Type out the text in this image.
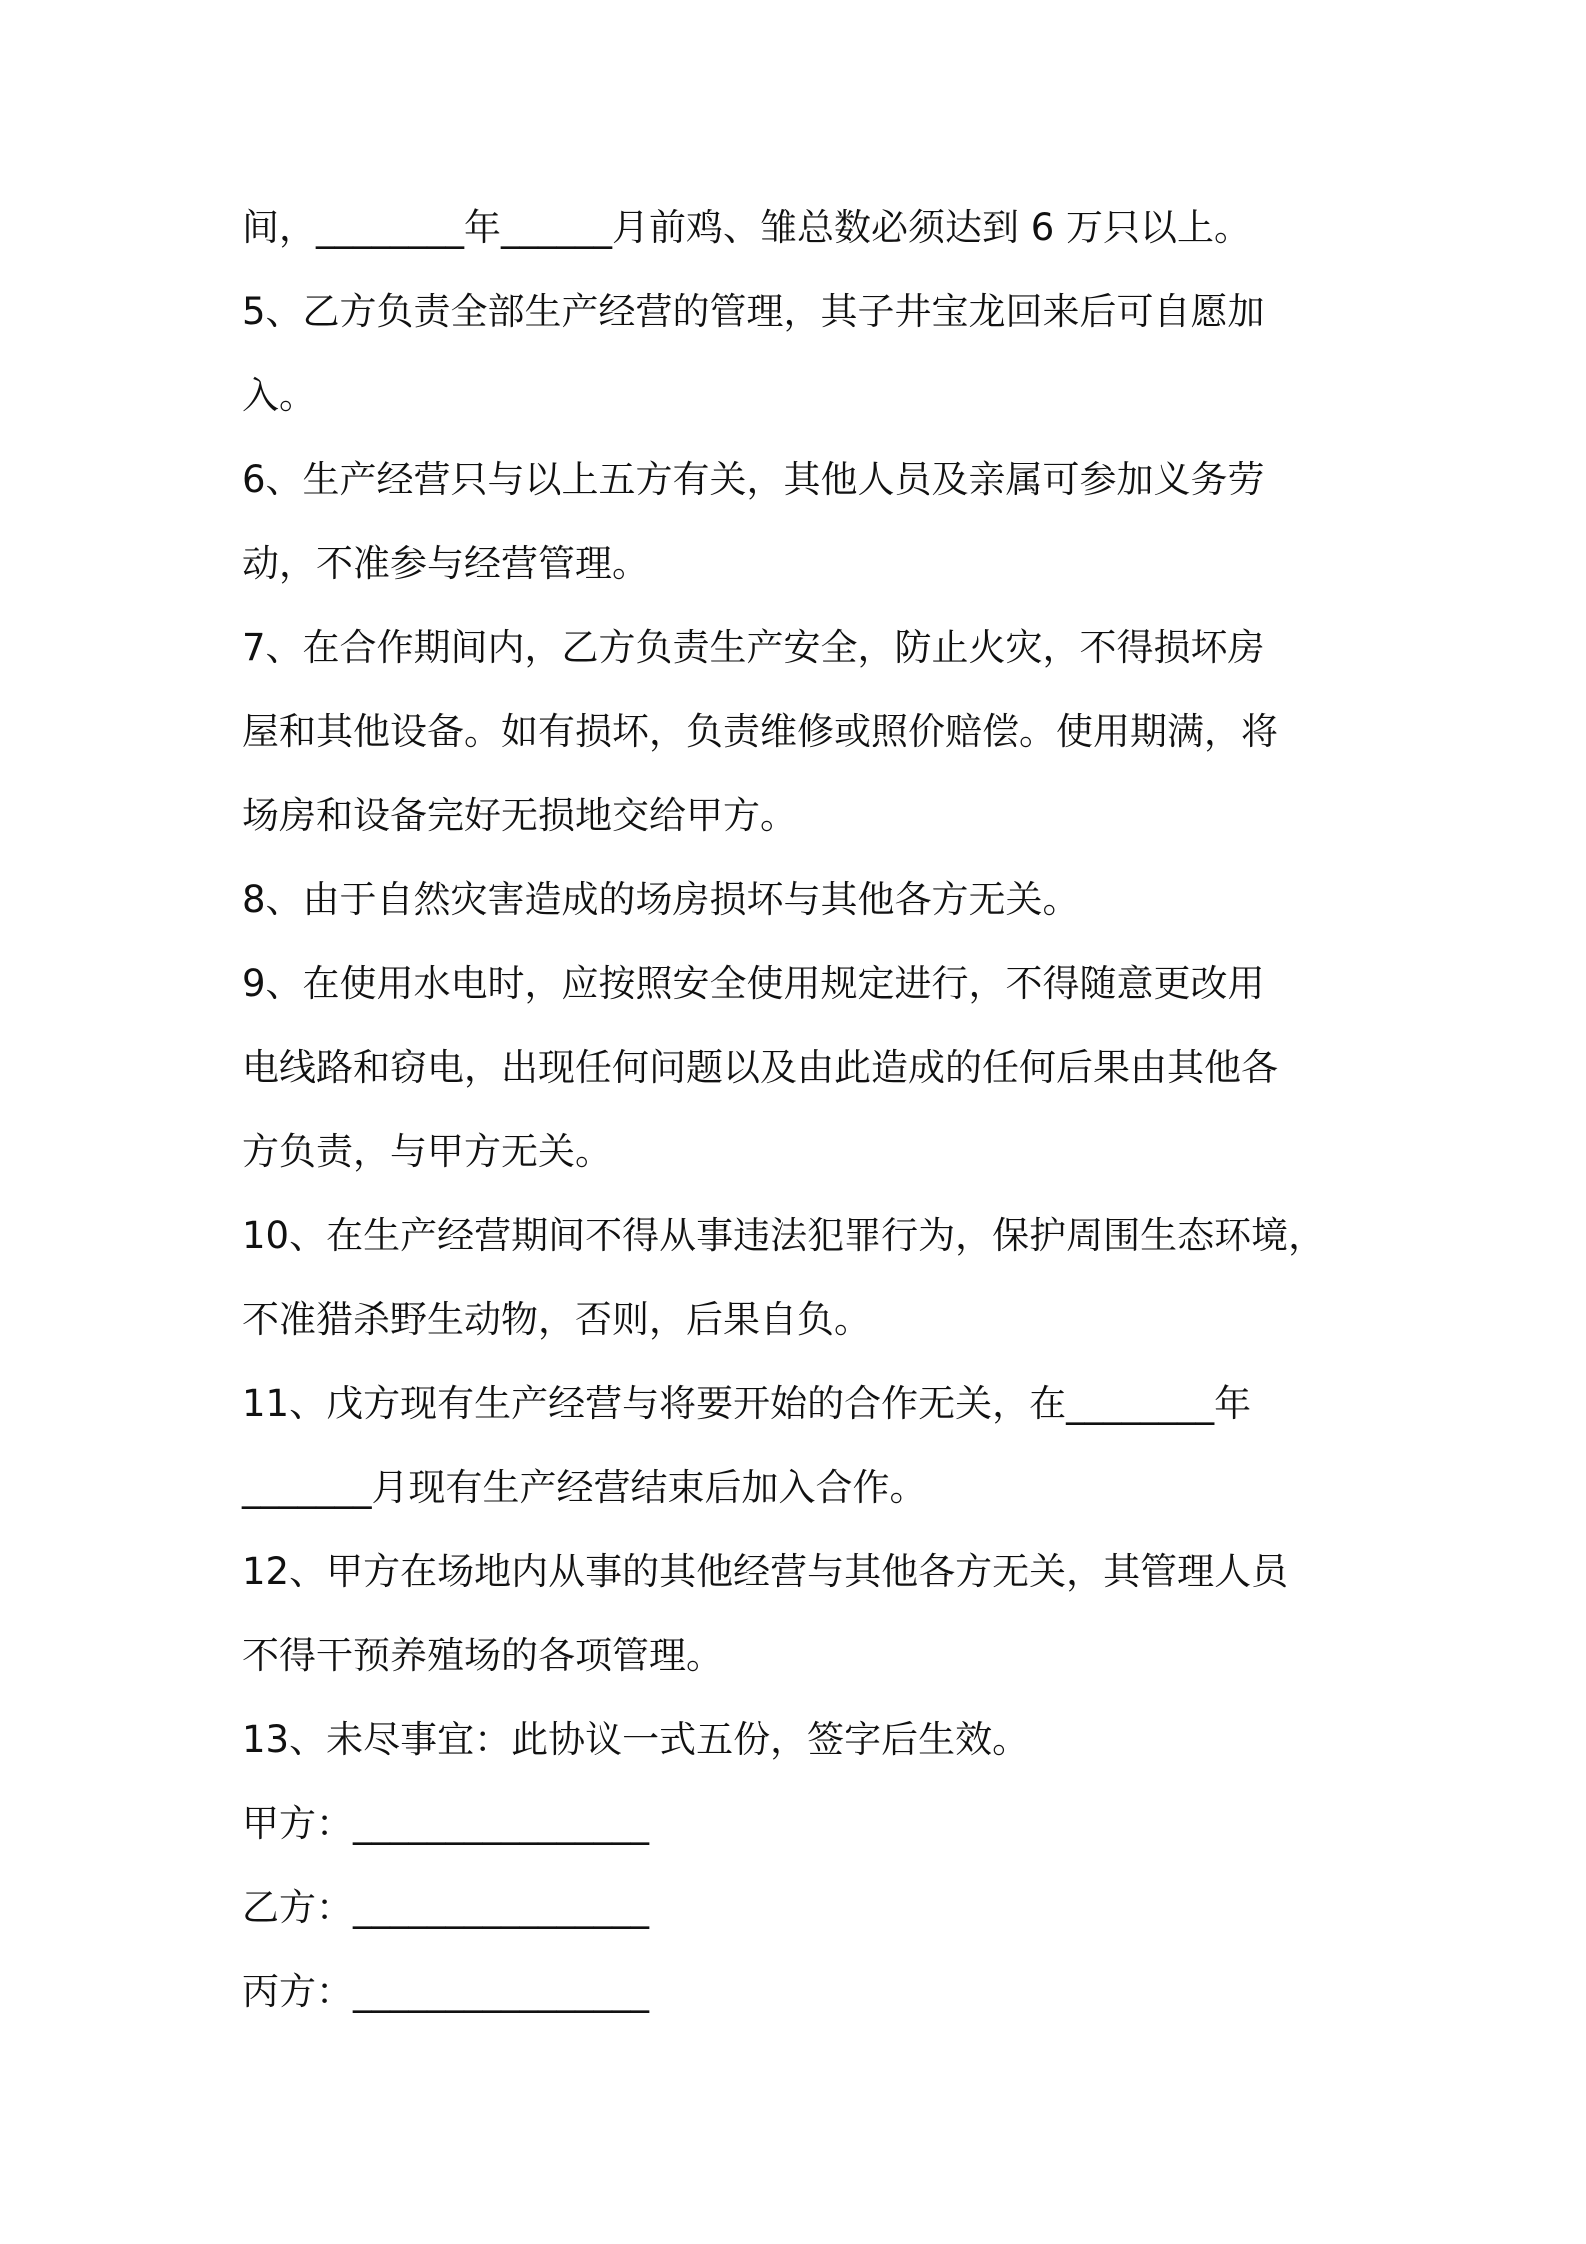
间，________年______月前鸡、雏总数必须达到 6 万只以上。
5、乙方负责全部生产经营的管理，其子井宝龙回来后可自愿加
入。
6、生产经营只与以上五方有关，其他人员及亲属可参加义务劳
动，不准参与经营管理。
7、在合作期间内，乙方负责生产安全，防止火灾，不得损坏房
屋和其他设备。如有损坏，负责维修或照价赔偿。使用期满，将
场房和设备完好无损地交给甲方。
8、由于自然灾害造成的场房损坏与其他各方无关。
9、在使用水电时，应按照安全使用规定进行，不得随意更改用
电线路和窃电，出现任何问题以及由此造成的任何后果由其他各
方负责，与甲方无关。
10、在生产经营期间不得从事违法犯罪行为，保护周围生态环境，
不准猎杀野生动物，否则，后果自负。
11、戊方现有生产经营与将要开始的合作无关，在________年
_______月现有生产经营结束后加入合作。
12、甲方在场地内从事的其他经营与其他各方无关，其管理人员
不得干预养殖场的各项管理。
13、未尽事宜：此协议一式五份，签字后生效。
甲方：________________
乙方：________________
丙方：________________
